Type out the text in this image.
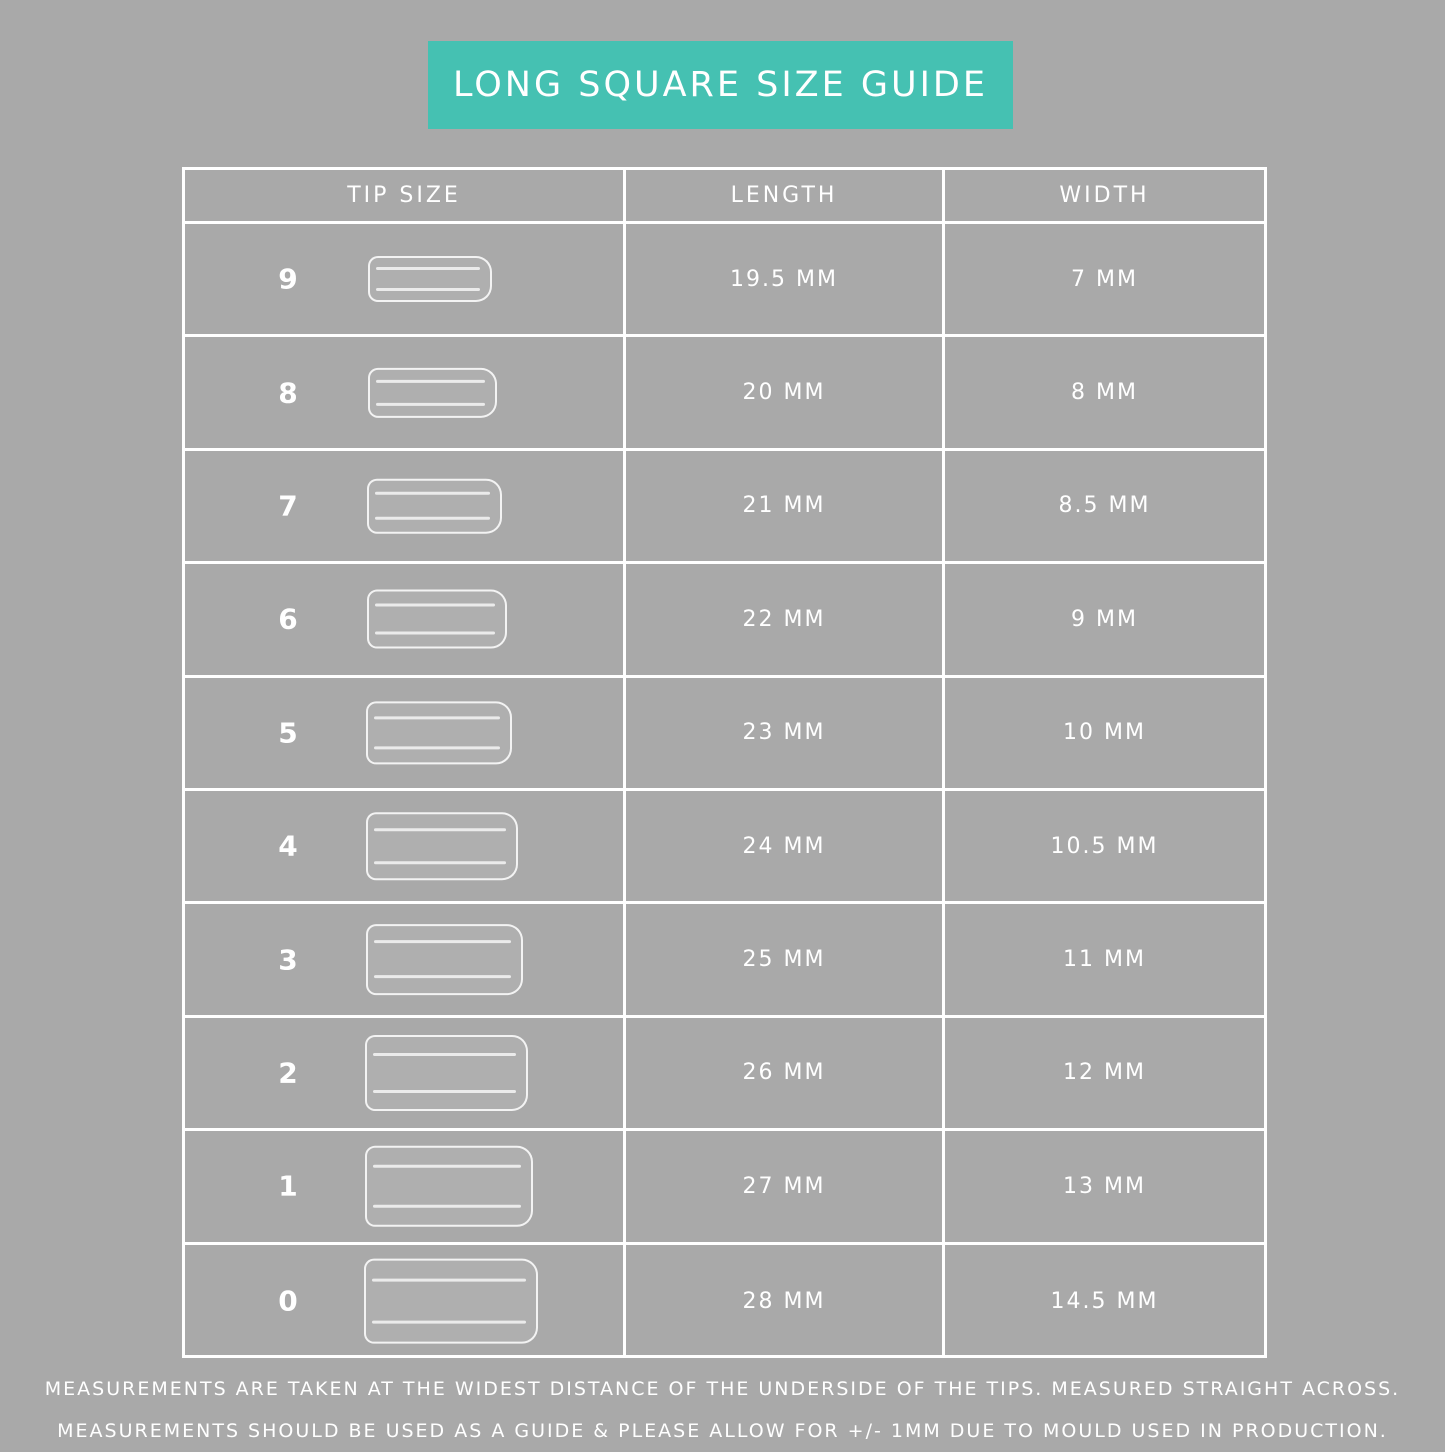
LONG SQUARE SIZE GUIDE
TIP SIZE	LENGTH	WIDTH
9	19.5 MM	7 MM
8	20 MM	8 MM
7	21 MM	8.5 MM
6	22 MM	9 MM
5	23 MM	10 MM
4	24 MM	10.5 MM
3	25 MM	11 MM
2	26 MM	12 MM
1	27 MM	13 MM
0	28 MM	14.5 MM
MEASUREMENTS ARE TAKEN AT THE WIDEST DISTANCE OF THE UNDERSIDE OF THE TIPS. MEASURED STRAIGHT ACROSS.
MEASUREMENTS SHOULD BE USED AS A GUIDE & PLEASE ALLOW FOR +/- 1MM DUE TO MOULD USED IN PRODUCTION.
